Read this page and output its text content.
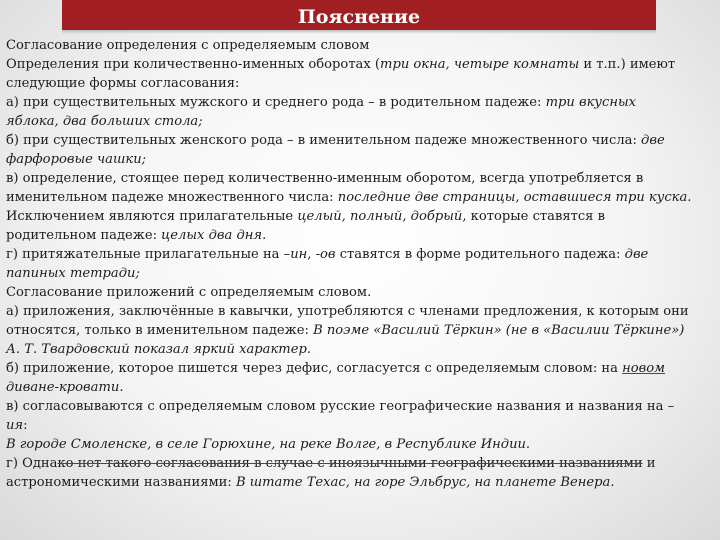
Пояснение

Согласование определения с определяемым словом

Определения при количественно-именных оборотах (три окна, четыре комнаты и т.п.) имеют следующие формы согласования:

а) при существительных мужского и среднего рода – в родительном падеже: три вкусных яблока, два больших стола;

б) при существительных женского рода – в именительном падеже множественного числа: две фарфоровые чашки;

в) определение, стоящее перед количественно-именным оборотом, всегда употребляется в именительном падеже множественного числа: последние две страницы, оставшиеся три куска.

Исключением являются прилагательные целый, полный, добрый, которые ставятся в родительном падеже: целых два дня.

г) притяжательные прилагательные на –ин, -ов ставятся в форме родительного падежа: две папиных тетради;

Согласование приложений с определяемым словом.

а) приложения, заключённые в кавычки, употребляются с членами предложения, к которым они относятся, только в именительном падеже: В поэме «Василий Тёркин» (не в «Василии Тёркине») А. Т. Твардовский показал яркий характер.

б) приложение, которое пишется через дефис, согласуется с определяемым словом: на новом диване-кровати.

в) согласовываются с определяемым словом русские географические названия и названия на –ия:

В городе Смоленске, в селе Горюхине, на реке Волге, в Республике Индии.

г) Однако нет такого согласования в случае с иноязычными географическими названиями и астрономическими названиями: В штате Техас, на горе Эльбрус, на планете Венера.
